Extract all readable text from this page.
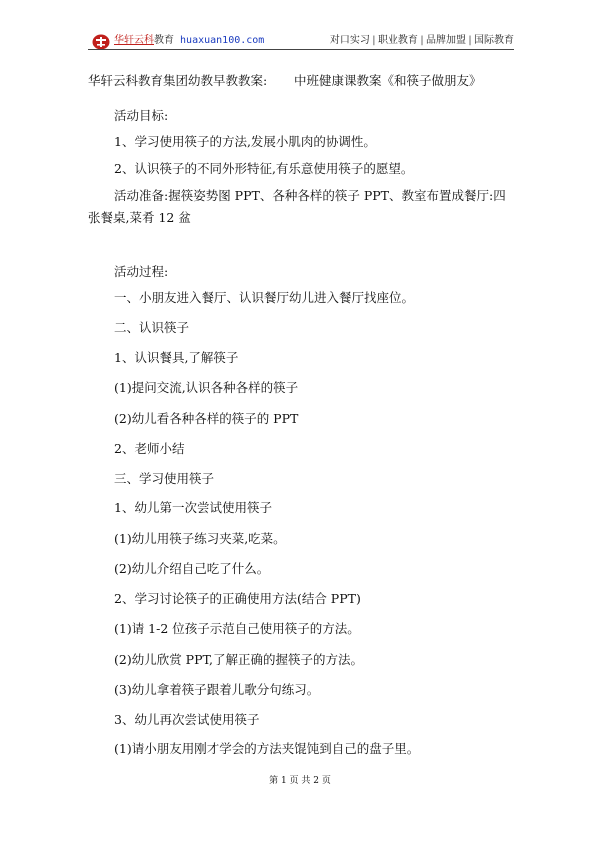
华轩云科教育 huaxuan100.com	对口实习|职业教育|品牌加盟|国际教育
华轩云科教育集团幼教早教教案: 中班健康课教案《和筷子做朋友》
活动目标:
1、学习使用筷子的方法,发展小肌肉的协调性。
2、认识筷子的不同外形特征,有乐意使用筷子的愿望。
活动准备:握筷姿势图 PPT、各种各样的筷子 PPT、教室布置成餐厅:四
张餐桌,菜肴 12 盆
活动过程:
一、小朋友进入餐厅、认识餐厅幼儿进入餐厅找座位。
二、认识筷子
1、认识餐具,了解筷子
(1)提问交流,认识各种各样的筷子
(2)幼儿看各种各样的筷子的 PPT
2、老师小结
三、学习使用筷子
1、幼儿第一次尝试使用筷子
(1)幼儿用筷子练习夹菜,吃菜。
(2)幼儿介绍自己吃了什么。
2、学习讨论筷子的正确使用方法(结合 PPT)
(1)请 1-2 位孩子示范自己使用筷子的方法。
(2)幼儿欣赏 PPT,了解正确的握筷子的方法。
(3)幼儿拿着筷子跟着儿歌分句练习。
3、幼儿再次尝试使用筷子
(1)请小朋友用刚才学会的方法夹馄饨到自己的盘子里。
第 1 页 共 2 页
